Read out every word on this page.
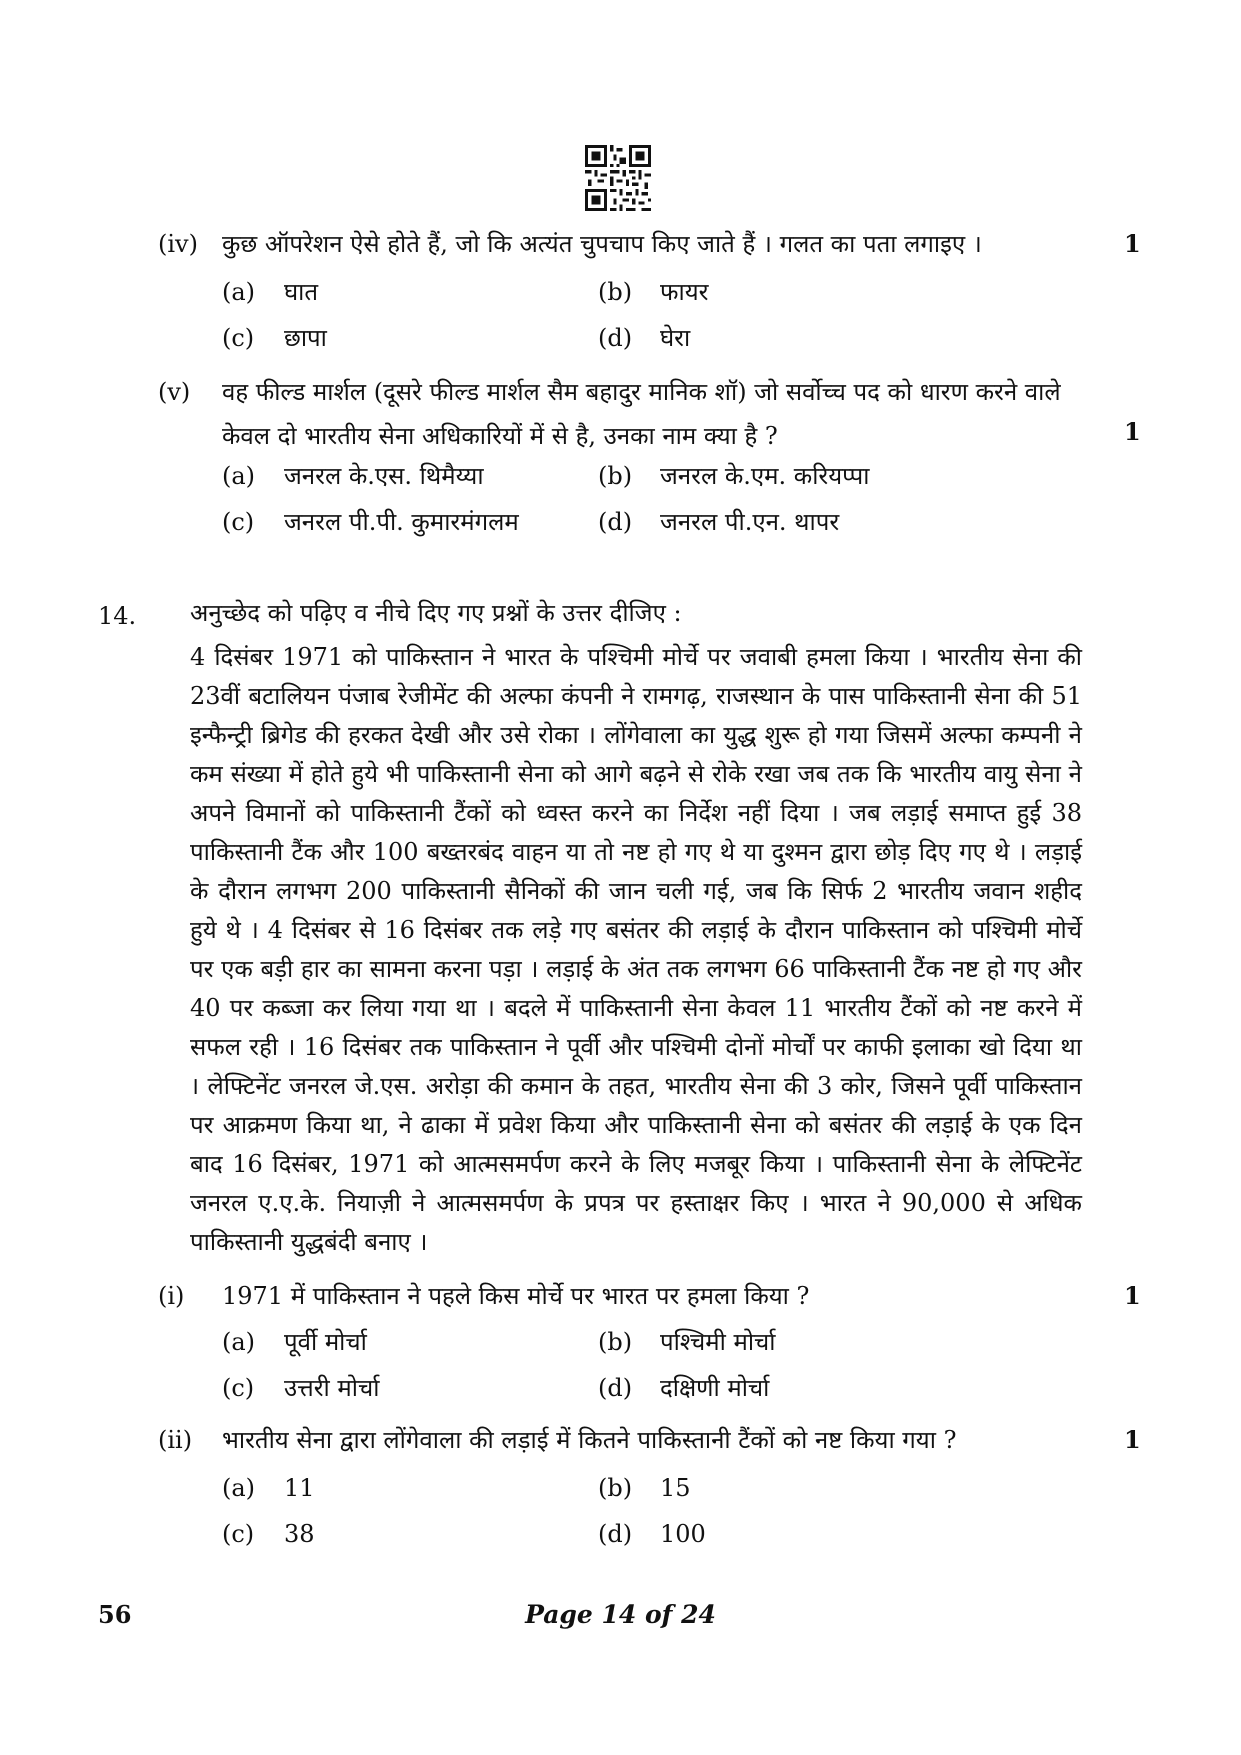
(iv) कुछ ऑपरेशन ऐसे होते हैं, जो कि अत्यंत चुपचाप किए जाते हैं । गलत का पता लगाइए ।	1
(a) घात	(b) फायर
(c) छापा	(d) घेरा
(v) वह फील्ड मार्शल (दूसरे फील्ड मार्शल सैम बहादुर मानिक शॉ) जो सर्वोच्च पद को धारण करने वाले केवल दो भारतीय सेना अधिकारियों में से है, उनका नाम क्या है ?	1
(a) जनरल के.एस. थिमैय्या	(b) जनरल के.एम. करियप्पा
(c) जनरल पी.पी. कुमारमंगलम	(d) जनरल पी.एन. थापर
14. अनुच्छेद को पढ़िए व नीचे दिए गए प्रश्नों के उत्तर दीजिए :
4 दिसंबर 1971 को पाकिस्तान ने भारत के पश्चिमी मोर्चे पर जवाबी हमला किया । भारतीय सेना की 23वीं बटालियन पंजाब रेजीमेंट की अल्फा कंपनी ने रामगढ़, राजस्थान के पास पाकिस्तानी सेना की 51 इन्फैन्ट्री ब्रिगेड की हरकत देखी और उसे रोका । लोंगेवाला का युद्ध शुरू हो गया जिसमें अल्फा कम्पनी ने कम संख्या में होते हुये भी पाकिस्तानी सेना को आगे बढ़ने से रोके रखा जब तक कि भारतीय वायु सेना ने अपने विमानों को पाकिस्तानी टैंकों को ध्वस्त करने का निर्देश नहीं दिया । जब लड़ाई समाप्त हुई 38 पाकिस्तानी टैंक और 100 बख्तरबंद वाहन या तो नष्ट हो गए थे या दुश्मन द्वारा छोड़ दिए गए थे । लड़ाई के दौरान लगभग 200 पाकिस्तानी सैनिकों की जान चली गई, जब कि सिर्फ 2 भारतीय जवान शहीद हुये थे । 4 दिसंबर से 16 दिसंबर तक लड़े गए बसंतर की लड़ाई के दौरान पाकिस्तान को पश्चिमी मोर्चे पर एक बड़ी हार का सामना करना पड़ा । लड़ाई के अंत तक लगभग 66 पाकिस्तानी टैंक नष्ट हो गए और 40 पर कब्जा कर लिया गया था । बदले में पाकिस्तानी सेना केवल 11 भारतीय टैंकों को नष्ट करने में सफल रही । 16 दिसंबर तक पाकिस्तान ने पूर्वी और पश्चिमी दोनों मोर्चों पर काफी इलाका खो दिया था । लेफ्टिनेंट जनरल जे.एस. अरोड़ा की कमान के तहत, भारतीय सेना की 3 कोर, जिसने पूर्वी पाकिस्तान पर आक्रमण किया था, ने ढाका में प्रवेश किया और पाकिस्तानी सेना को बसंतर की लड़ाई के एक दिन बाद 16 दिसंबर, 1971 को आत्मसमर्पण करने के लिए मजबूर किया । पाकिस्तानी सेना के लेफ्टिनेंट जनरल ए.ए.के. नियाज़ी ने आत्मसमर्पण के प्रपत्र पर हस्ताक्षर किए । भारत ने 90,000 से अधिक पाकिस्तानी युद्धबंदी बनाए ।
(i) 1971 में पाकिस्तान ने पहले किस मोर्चे पर भारत पर हमला किया ?	1
(a) पूर्वी मोर्चा	(b) पश्चिमी मोर्चा
(c) उत्तरी मोर्चा	(d) दक्षिणी मोर्चा
(ii) भारतीय सेना द्वारा लोंगेवाला की लड़ाई में कितने पाकिस्तानी टैंकों को नष्ट किया गया ?	1
(a) 11	(b) 15
(c) 38	(d) 100
56	Page 14 of 24
